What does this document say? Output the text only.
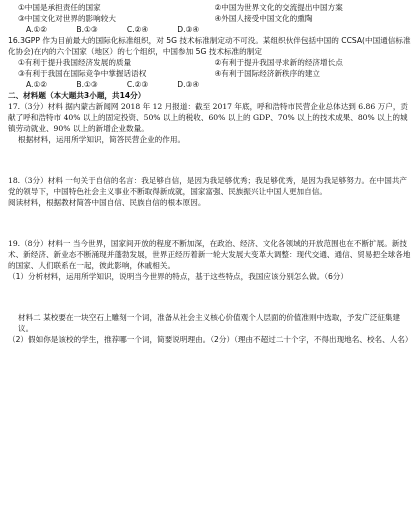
①中国是承担责任的国家	②中国为世界文化的交流提出中国方案
③中国文化对世界的影响较大	④外国人接受中国文化的熏陶
A.①②	B.①③	C.②④	D.③④
16.3GPP 作为目前最大的国际化标准组织，对 5G 技术标准制定动不可没。某组织伙伴包括中国的 CCSA(中国通信标准化协会)在内的六个国家（地区）的七个组织，中国参加 5G 技术标准的制定
①有利于提升我国经济发展的质量	②有利于提升我国寻求新的经济增长点
③有利于我国在国际竞争中掌握话语权	④有利于国际经济新秩序的建立
A.①②	B.①③	C.②③	D.③④
二、材料题（本大题共3小题，共14分）
17.（3分）材料 据内蒙古新闻网 2018 年 12 月报道：截至 2017 年底，呼和浩特市民营企业总体达到 6.86 万户，贡献了呼和浩特市 40% 以上的固定投资、50% 以上的税收、60% 以上的 GDP、70% 以上的技术成果、80% 以上的城镇劳动就业、90% 以上的新增企业数量。
根据材料，运用所学知识，简答民营企业的作用。
18.（3分）材料 一句关于自信的名言：我足够自信，是因为我足够优秀；我足够优秀，是因为我足够努力。在中国共产党的领导下，中国特色社会主义事业不断取得新成就，国家富强、民族振兴让中国人更加自信。
阅读材料，根据教材简答中国自信、民族自信的根本原因。
19.（8分）材料一 当今世界，国家间开放的程度不断加深，在政治、经济、文化各领域的开放范围也在不断扩展。新技术、新经济、新业态不断涌现并蓬勃发展，世界正经历着新一轮大发展大变革大调整：现代交通、通信、贸易把全球各地的国家、人们联系在一起，彼此影响，休戚相关。
（1）分析材料，运用所学知识，说明当今世界的特点，基于这些特点，我国应该分别怎么做。（6分）
材料二 某校要在一块空石上雕刻一个词，准备从社会主义核心价值观个人层面的价值准则中选取，予发广泛征集建议。
（2）假如你是该校的学生，推荐哪一个词，简要说明理由。（2分）（理由不超过二十个字，不得出现地名、校名、人名）
